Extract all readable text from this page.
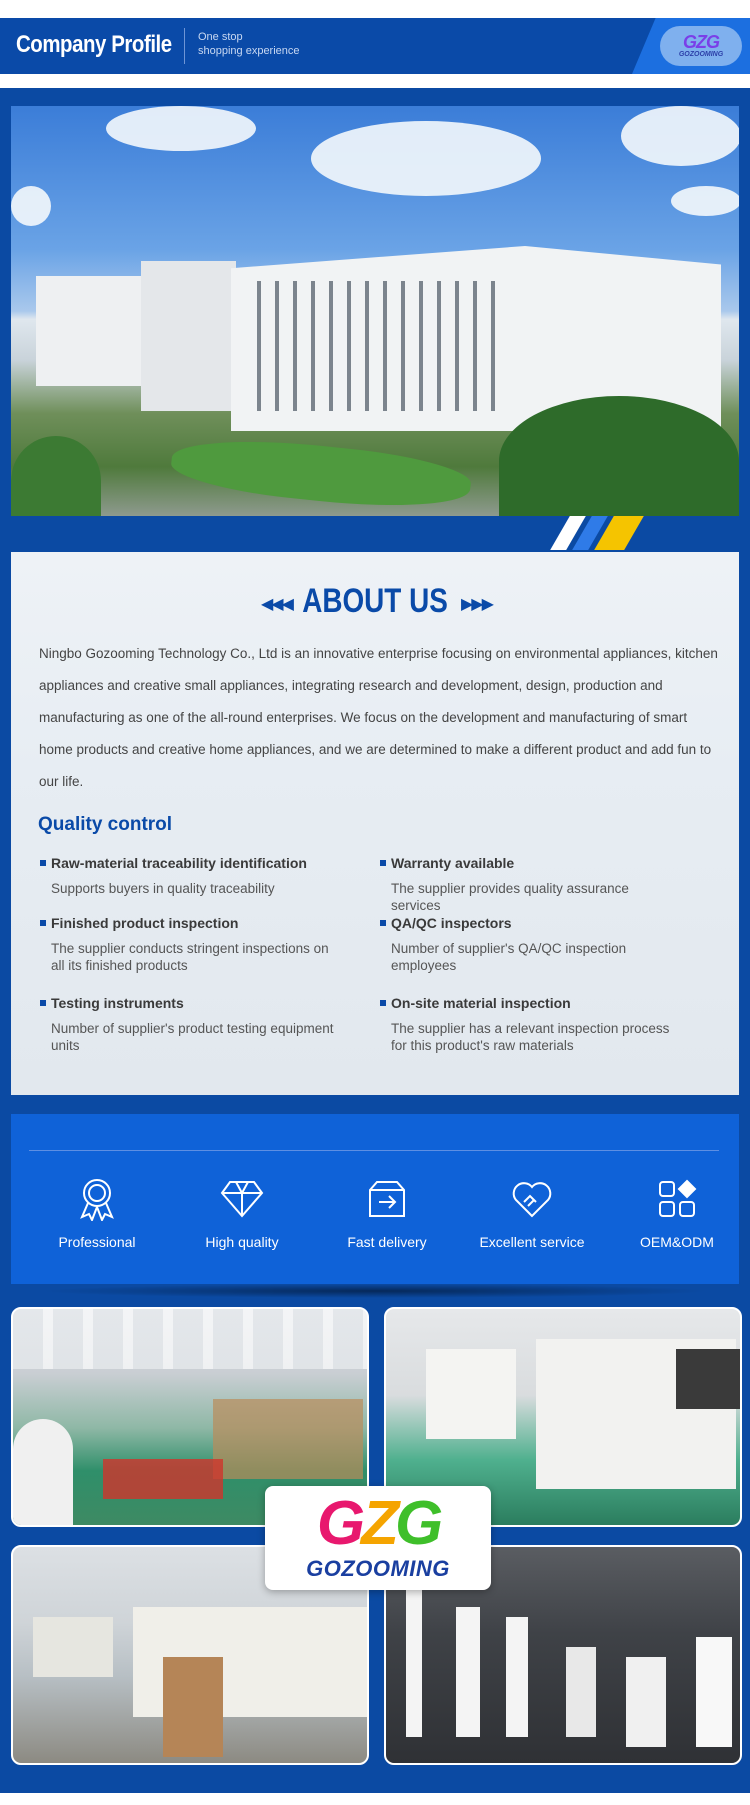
Company Profile One stop
shopping experience	GZG
GOZOOMING
◀◀◀ ABOUT US ▶▶▶
Ningbo Gozooming Technology Co., Ltd is an innovative enterprise focusing on environmental appliances, kitchen appliances and creative small appliances, integrating research and development, design, production and manufacturing as one of the all-round enterprises. We focus on the development and manufacturing of smart home products and creative home appliances, and we are determined to make a different product and add fun to our life.
Quality control
Raw-material traceability identification
Supports buyers in quality traceability
Warranty available
The supplier provides quality assurance services
Finished product inspection
The supplier conducts stringent inspections on all its finished products
QA/QC inspectors
Number of supplier's QA/QC inspection employees
Testing instruments
Number of supplier's product testing equipment units
On-site material inspection
The supplier has a relevant inspection process for this product's raw materials
Professional	High quality	Fast delivery	Excellent service	OEM&ODM
GZG
GOZOOMING
